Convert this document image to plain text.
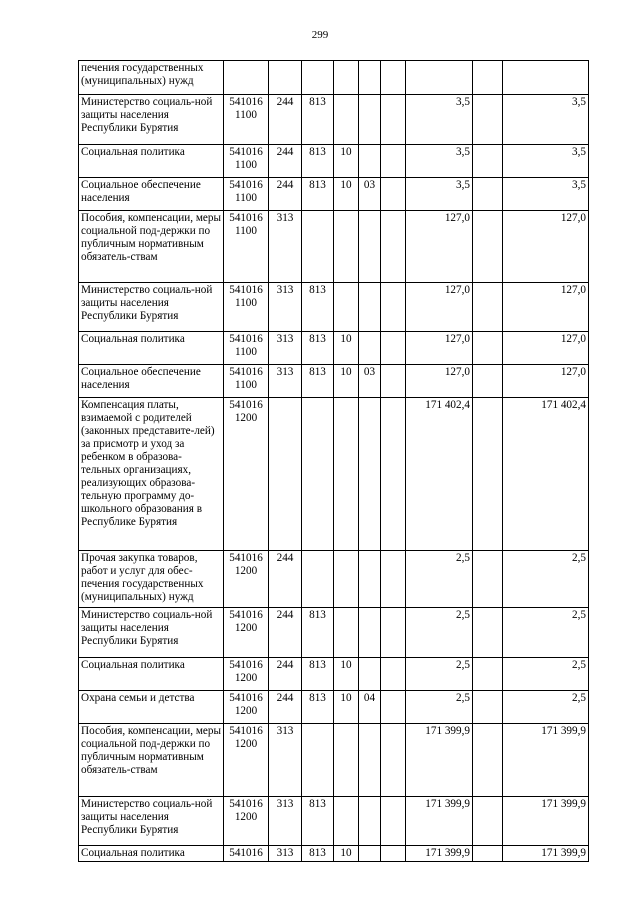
299
печения государственных (муниципальных) нужд									
Министерство социаль-ной защиты населения Республики Бурятия	541016 1100	244	813				3,5		3,5
Социальная политика	541016 1100	244	813	10			3,5		3,5
Социальное обеспечение населения	541016 1100	244	813	10	03		3,5		3,5
Пособия, компенсации, меры социальной под-держки по публичным нормативным обязатель-ствам	541016 1100	313					127,0		127,0
Министерство социаль-ной защиты населения Республики Бурятия	541016 1100	313	813				127,0		127,0
Социальная политика	541016 1100	313	813	10			127,0		127,0
Социальное обеспечение населения	541016 1100	313	813	10	03		127,0		127,0
Компенсация платы, взимаемой с родителей (законных представите-лей) за присмотр и уход за ребенком в образова-тельных организациях, реализующих образова-тельную программу до-школьного образования в Республике Бурятия	541016 1200						171 402,4		171 402,4
Прочая закупка товаров, работ и услуг для обес-печения государственных (муниципальных) нужд	541016 1200	244					2,5		2,5
Министерство социаль-ной защиты населения Республики Бурятия	541016 1200	244	813				2,5		2,5
Социальная политика	541016 1200	244	813	10			2,5		2,5
Охрана семьи и детства	541016 1200	244	813	10	04		2,5		2,5
Пособия, компенсации, меры социальной под-держки по публичным нормативным обязатель-ствам	541016 1200	313					171 399,9		171 399,9
Министерство социаль-ной защиты населения Республики Бурятия	541016 1200	313	813				171 399,9		171 399,9
Социальная политика	541016	313	813	10			171 399,9		171 399,9
